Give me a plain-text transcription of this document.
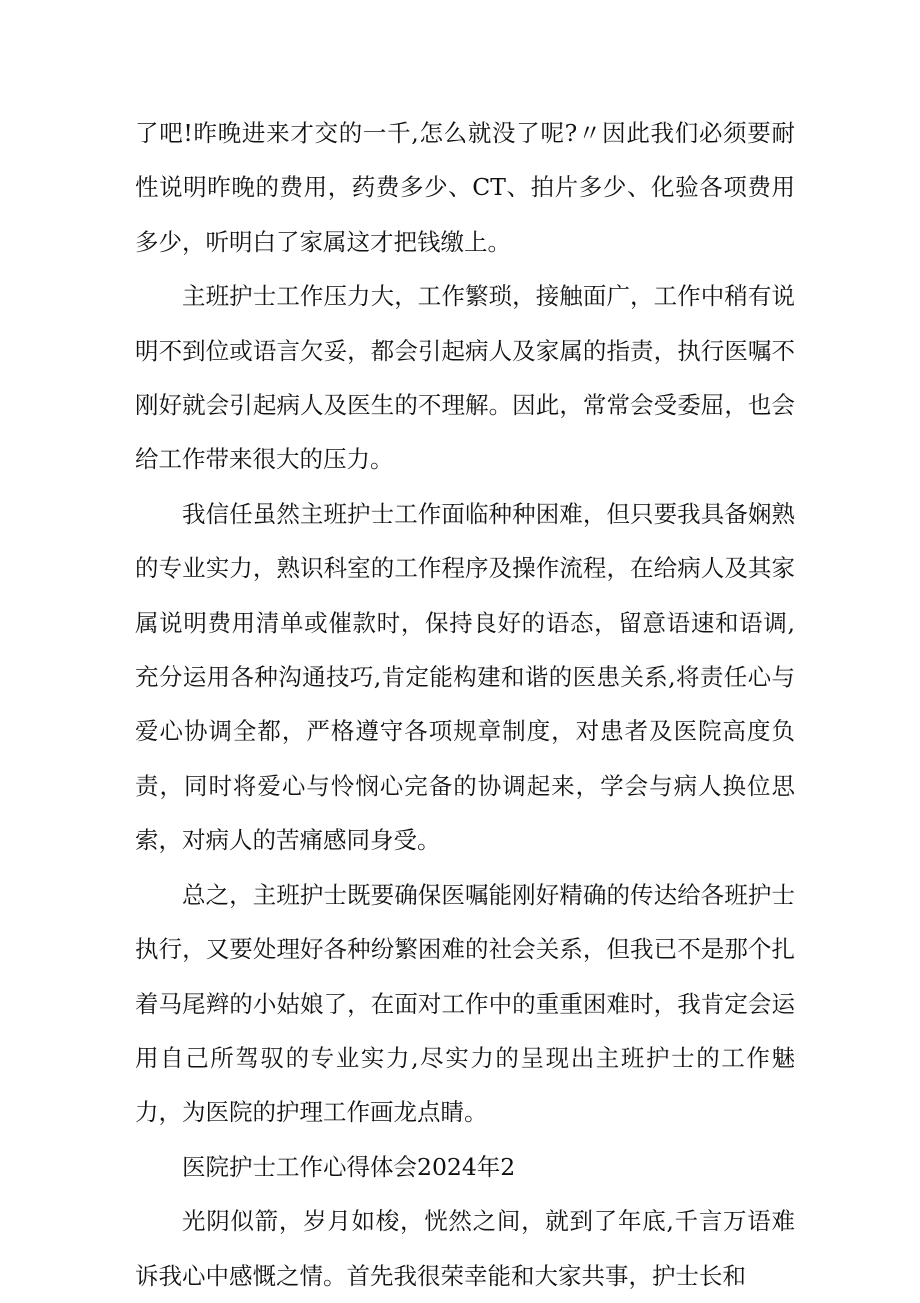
了吧!昨晚进来才交的一千,怎么就没了呢?〃因此我们必须要耐性说明昨晚的费用，药费多少、CT、拍片多少、化验各项费用多少，听明白了家属这才把钱缴上。

主班护士工作压力大，工作繁琐，接触面广，工作中稍有说明不到位或语言欠妥，都会引起病人及家属的指责，执行医嘱不刚好就会引起病人及医生的不理解。因此，常常会受委屈，也会给工作带来很大的压力。

我信任虽然主班护士工作面临种种困难，但只要我具备娴熟的专业实力，熟识科室的工作程序及操作流程，在给病人及其家属说明费用清单或催款时，保持良好的语态，留意语速和语调,充分运用各种沟通技巧,肯定能构建和谐的医患关系,将责任心与爱心协调全都，严格遵守各项规章制度，对患者及医院高度负责，同时将爱心与怜悯心完备的协调起来，学会与病人换位思索，对病人的苦痛感同身受。

总之，主班护士既要确保医嘱能刚好精确的传达给各班护士执行，又要处理好各种纷繁困难的社会关系，但我已不是那个扎着马尾辫的小姑娘了，在面对工作中的重重困难时，我肯定会运用自己所驾驭的专业实力,尽实力的呈现出主班护士的工作魅力，为医院的护理工作画龙点睛。

医院护士工作心得体会2024年2

光阴似箭，岁月如梭，恍然之间，就到了年底,千言万语难诉我心中感慨之情。首先我很荣幸能和大家共事，护士长和
